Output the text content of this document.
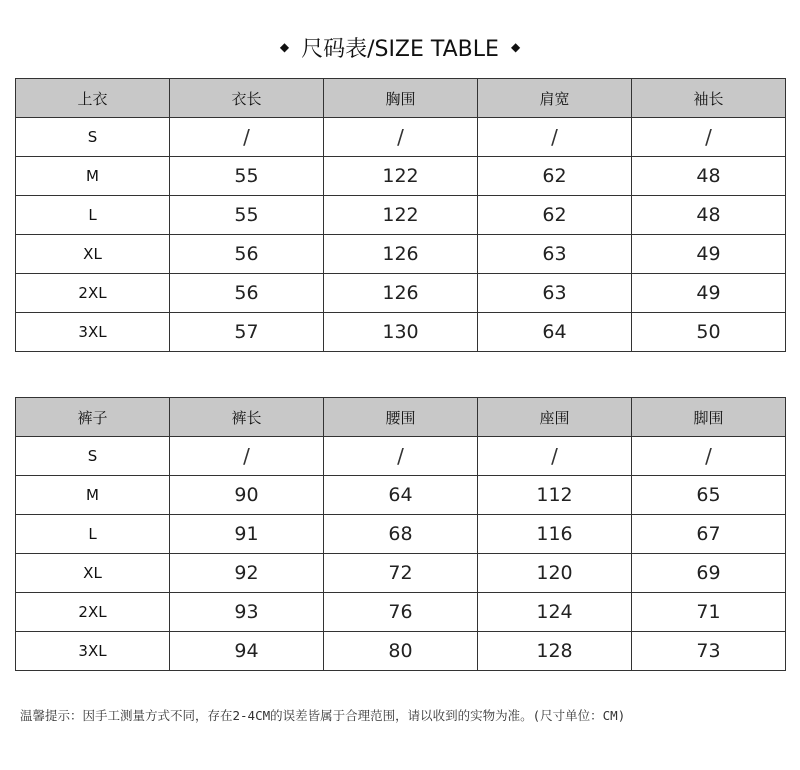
◆ 尺码表/SIZE TABLE ◆
上衣	衣长	胸围	肩宽	袖长
S	/	/	/	/
M	55	122	62	48
L	55	122	62	48
XL	56	126	63	49
2XL	56	126	63	49
3XL	57	130	64	50
裤子	裤长	腰围	座围	脚围
S	/	/	/	/
M	90	64	112	65
L	91	68	116	67
XL	92	72	120	69
2XL	93	76	124	71
3XL	94	80	128	73
温馨提示：因手工测量方式不同，存在2-4CM的误差皆属于合理范围，请以收到的实物为准。(尺寸单位：CM)
